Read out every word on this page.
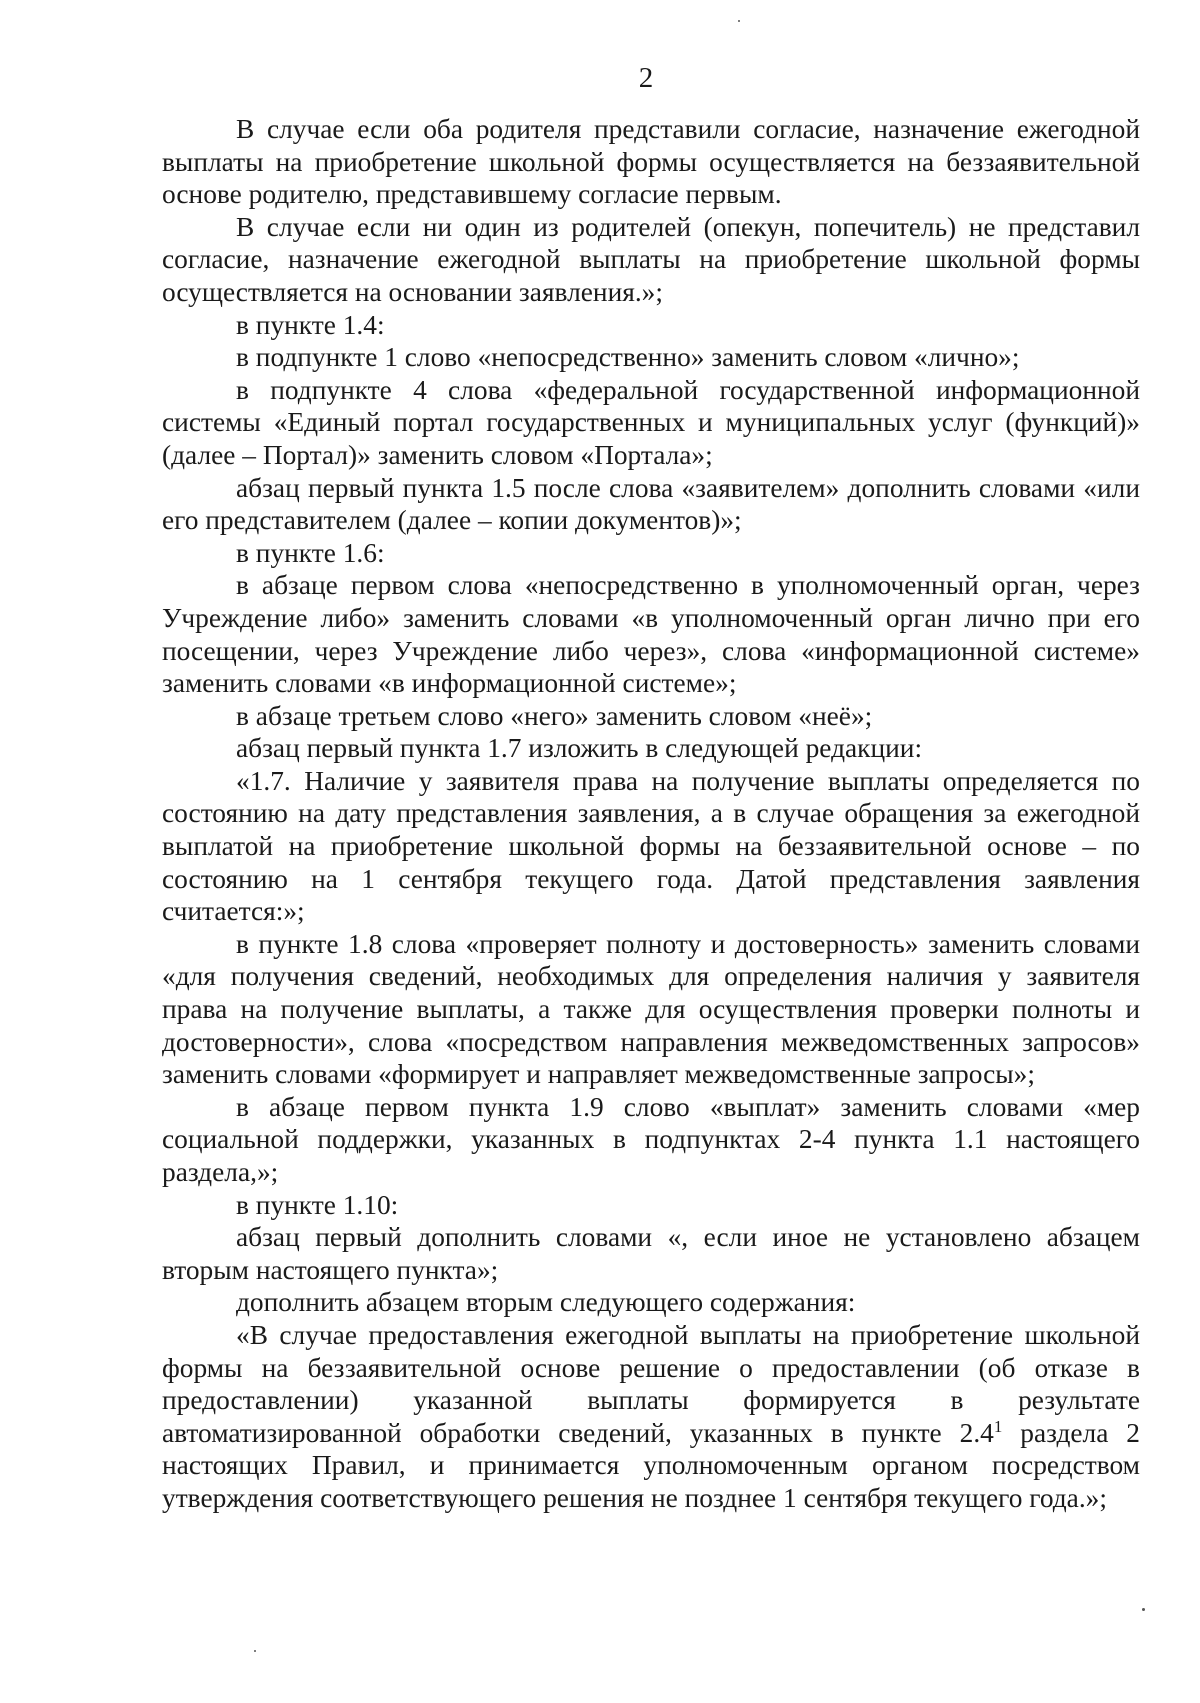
2

В случае если оба родителя представили согласие, назначение ежегодной выплаты на приобретение школьной формы осуществляется на беззаявительной основе родителю, представившему согласие первым.

В случае если ни один из родителей (опекун, попечитель) не представил согласие, назначение ежегодной выплаты на приобретение школьной формы осуществляется на основании заявления.»;

в пункте 1.4:

в подпункте 1 слово «непосредственно» заменить словом «лично»;

в подпункте 4 слова «федеральной государственной информационной системы «Единый портал государственных и муниципальных услуг (функций)» (далее – Портал)» заменить словом «Портала»;

абзац первый пункта 1.5 после слова «заявителем» дополнить словами «или его представителем (далее – копии документов)»;

в пункте 1.6:

в абзаце первом слова «непосредственно в уполномоченный орган, через Учреждение либо» заменить словами «в уполномоченный орган лично при его посещении, через Учреждение либо через», слова «информационной системе» заменить словами «в информационной системе»;

в абзаце третьем слово «него» заменить словом «неё»;

абзац первый пункта 1.7 изложить в следующей редакции:

«1.7. Наличие у заявителя права на получение выплаты определяется по состоянию на дату представления заявления, а в случае обращения за ежегодной выплатой на приобретение школьной формы на беззаявительной основе – по состоянию на 1 сентября текущего года. Датой представления заявления считается:»;

в пункте 1.8 слова «проверяет полноту и достоверность» заменить словами «для получения сведений, необходимых для определения наличия у заявителя права на получение выплаты, а также для осуществления проверки полноты и достоверности», слова «посредством направления межведомственных запросов» заменить словами «формирует и направляет межведомственные запросы»;

в абзаце первом пункта 1.9 слово «выплат» заменить словами «мер социальной поддержки, указанных в подпунктах 2-4 пункта 1.1 настоящего раздела,»;

в пункте 1.10:

абзац первый дополнить словами «, если иное не установлено абзацем вторым настоящего пункта»;

дополнить абзацем вторым следующего содержания:

«В случае предоставления ежегодной выплаты на приобретение школьной формы на беззаявительной основе решение о предоставлении (об отказе в предоставлении) указанной выплаты формируется в результате автоматизированной обработки сведений, указанных в пункте $2.4^1$ раздела 2 настоящих Правил, и принимается уполномоченным органом посредством утверждения соответствующего решения не позднее 1 сентября текущего года.»;
